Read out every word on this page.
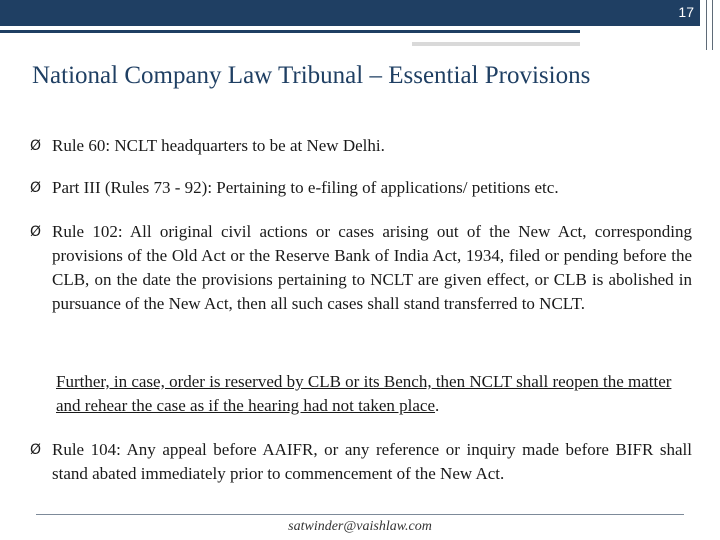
17
National Company Law Tribunal – Essential Provisions
Ø Rule 60: NCLT headquarters to be at New Delhi.
Ø Part III (Rules 73 - 92): Pertaining to e-filing of applications/ petitions etc.
Ø Rule 102: All original civil actions or cases arising out of the New Act, corresponding provisions of the Old Act or the Reserve Bank of India Act, 1934, filed or pending before the CLB, on the date the provisions pertaining to NCLT are given effect, or CLB is abolished in pursuance of the New Act, then all such cases shall stand transferred to NCLT.
Further, in case, order is reserved by CLB or its Bench, then NCLT shall reopen the matter and rehear the case as if the hearing had not taken place.
Ø Rule 104: Any appeal before AAIFR, or any reference or inquiry made before BIFR shall stand abated immediately prior to commencement of the New Act.
satwinder@vaishlaw.com
